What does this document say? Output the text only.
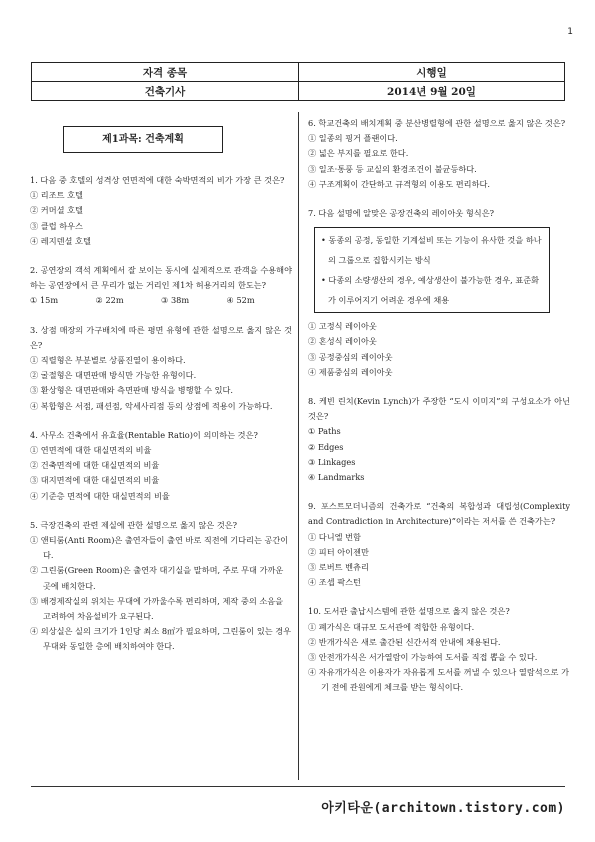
1
자격 종목	시행일
건축기사	2014년 9월 20일
제1과목: 건축계획
1. 다음 중 호텔의 성격상 연면적에 대한 숙박면적의 비가 가장 큰 것은?
① 리조트 호텔
② 커머셜 호텔
③ 클럽 하우스
④ 레지덴셜 호텔
2. 공연장의 객석 계획에서 잘 보이는 동시에 실제적으로 관객을 수용해야 하는 공연장에서 큰 무리가 없는 거리인 제1차 허용거리의 한도는?
① 15m	② 22m	③ 38m	④ 52m
3. 상점 매장의 가구배치에 따른 평면 유형에 관한 설명으로 옳지 않은 것은?
① 직렬형은 부분별로 상품진열이 용이하다.
② 굴절형은 대면판매 방식만 가능한 유형이다.
③ 환상형은 대면판매와 측면판매 방식을 병행할 수 있다.
④ 복합형은 서점, 패션점, 악세사리점 등의 상점에 적용이 가능하다.
4. 사무소 건축에서 유효율(Rentable Ratio)이 의미하는 것은?
① 연면적에 대한 대실면적의 비율
② 건축면적에 대한 대실면적의 비율
③ 대지면적에 대한 대실면적의 비율
④ 기준층 면적에 대한 대실면적의 비율
5. 극장건축의 관련 제실에 관한 설명으로 옳지 않은 것은?
① 앤티룸(Anti Room)은 출연자들이 출연 바로 직전에 기다리는 공간이다.
② 그린룸(Green Room)은 출연자 대기실을 말하며, 주로 무대 가까운 곳에 배치한다.
③ 배경제작실의 위치는 무대에 가까울수록 편리하며, 제작 중의 소음을 고려하여 차음설비가 요구된다.
④ 의상실은 실의 크기가 1인당 최소 8㎡가 필요하며, 그린룸이 있는 경우 무대와 동일한 층에 배치하여야 한다.
6. 학교건축의 배치계획 중 분산병렬형에 관한 설명으로 옳지 않은 것은?
① 일종의 핑거 플랜이다.
② 넓은 부지를 필요로 한다.
③ 일조·통풍 등 교실의 환경조건이 불균등하다.
④ 구조계획이 간단하고 규격형의 이용도 편리하다.
7. 다음 설명에 알맞은 공장건축의 레이아웃 형식은?
• 동종의 공정, 동일한 기계설비 또는 기능이 유사한 것을 하나의 그룹으로 집합시키는 방식
• 다종의 소량생산의 경우, 예상생산이 불가능한 경우, 표준화가 이루어지기 어려운 경우에 채용
① 고정식 레이아웃
② 혼성식 레이아웃
③ 공정중심의 레이아웃
④ 제품중심의 레이아웃
8. 케빈 린치(Kevin Lynch)가 주장한 “도시 이미지”의 구성요소가 아닌 것은?
① Paths
② Edges
③ Linkages
④ Landmarks
9. 포스트모더니즘의 건축가로 “건축의 복합성과 대립성(Complexity and Contradiction in Architecture)”이라는 저서를 쓴 건축가는?
① 다니엘 번함
② 피터 아이젠만
③ 로버트 벤츄리
④ 조셉 팍스턴
10. 도서관 출납시스템에 관한 설명으로 옳지 않은 것은?
① 폐가식은 대규모 도서관에 적합한 유형이다.
② 반개가식은 새로 출간된 신간서적 안내에 채용된다.
③ 안전개가식은 서가열람이 가능하여 도서를 직접 뽑을 수 있다.
④ 자유개가식은 이용자가 자유롭게 도서를 꺼낼 수 있으나 열람석으로 가기 전에 관원에게 체크를 받는 형식이다.
아키타운(architown.tistory.com)
